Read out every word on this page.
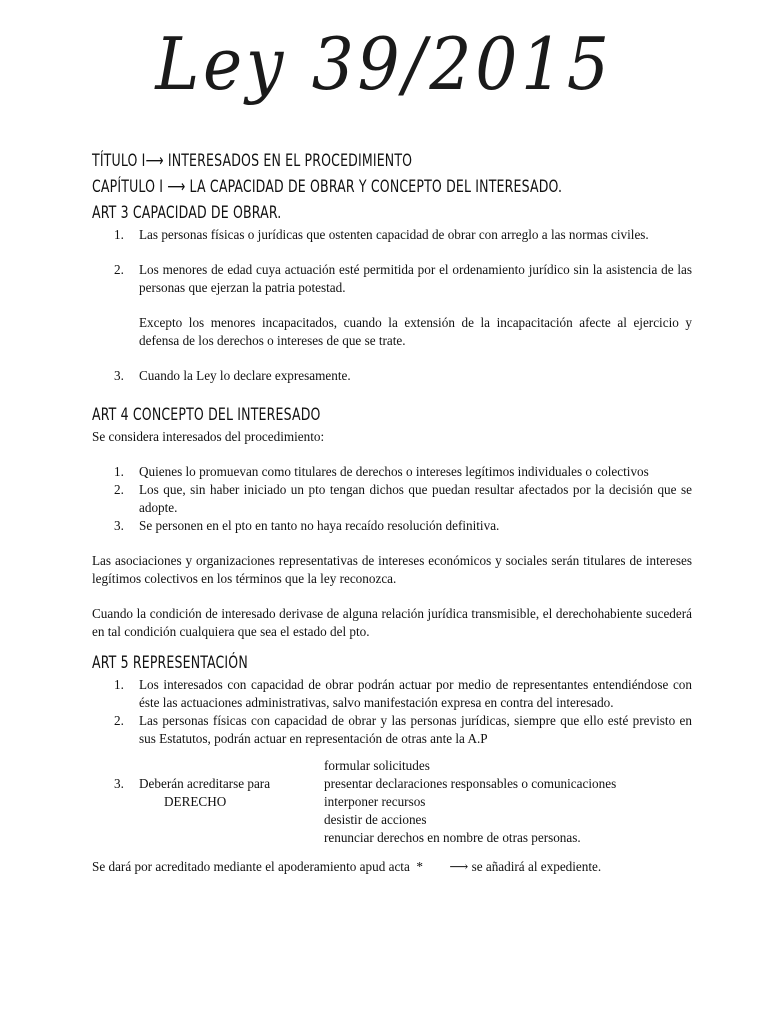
Ley 39/2015
TÍTULO I⟶ INTERESADOS EN EL PROCEDIMIENTO
CAPÍTULO I ⟶ LA CAPACIDAD DE OBRAR Y CONCEPTO DEL INTERESADO.
ART 3 CAPACIDAD DE OBRAR.
1. Las personas físicas o jurídicas que ostenten capacidad de obrar con arreglo a las normas civiles.

2. Los menores de edad cuya actuación esté permitida por el ordenamiento jurídico sin la asistencia de las personas que ejerzan la patria potestad.

Excepto los menores incapacitados, cuando la extensión de la incapacitación afecte al ejercicio y defensa de los derechos o intereses de que se trate.

3. Cuando la Ley lo declare expresamente.

ART 4 CONCEPTO DEL INTERESADO

Se considera interesados del procedimiento:

1. Quienes lo promuevan como titulares de derechos o intereses legítimos individuales o colectivos

2. Los que, sin haber iniciado un pto tengan dichos que puedan resultar afectados por la decisión que se adopte.

3. Se personen en el pto en tanto no haya recaído resolución definitiva.

Las asociaciones y organizaciones representativas de intereses económicos y sociales serán titulares de intereses legítimos colectivos en los términos que la ley reconozca.

Cuando la condición de interesado derivase de alguna relación jurídica transmisible, el derechohabiente sucederá en tal condición cualquiera que sea el estado del pto.

ART 5 REPRESENTACIÓN
1. Los interesados con capacidad de obrar podrán actuar por medio de representantes entendiéndose con éste las actuaciones administrativas, salvo manifestación expresa en contra del interesado.

2. Las personas físicas con capacidad de obrar y las personas jurídicas, siempre que ello esté previsto en sus Estatutos, podrán actuar en representación de otras ante la A.P

3. Deberán acreditarse para
DERECHO
formular solicitudes
presentar declaraciones responsables o comunicaciones
interponer recursos
desistir de acciones
renunciar derechos en nombre de otras personas.

Se dará por acreditado mediante el apoderamiento apud acta  *        ⟶ se añadirá al expediente.
